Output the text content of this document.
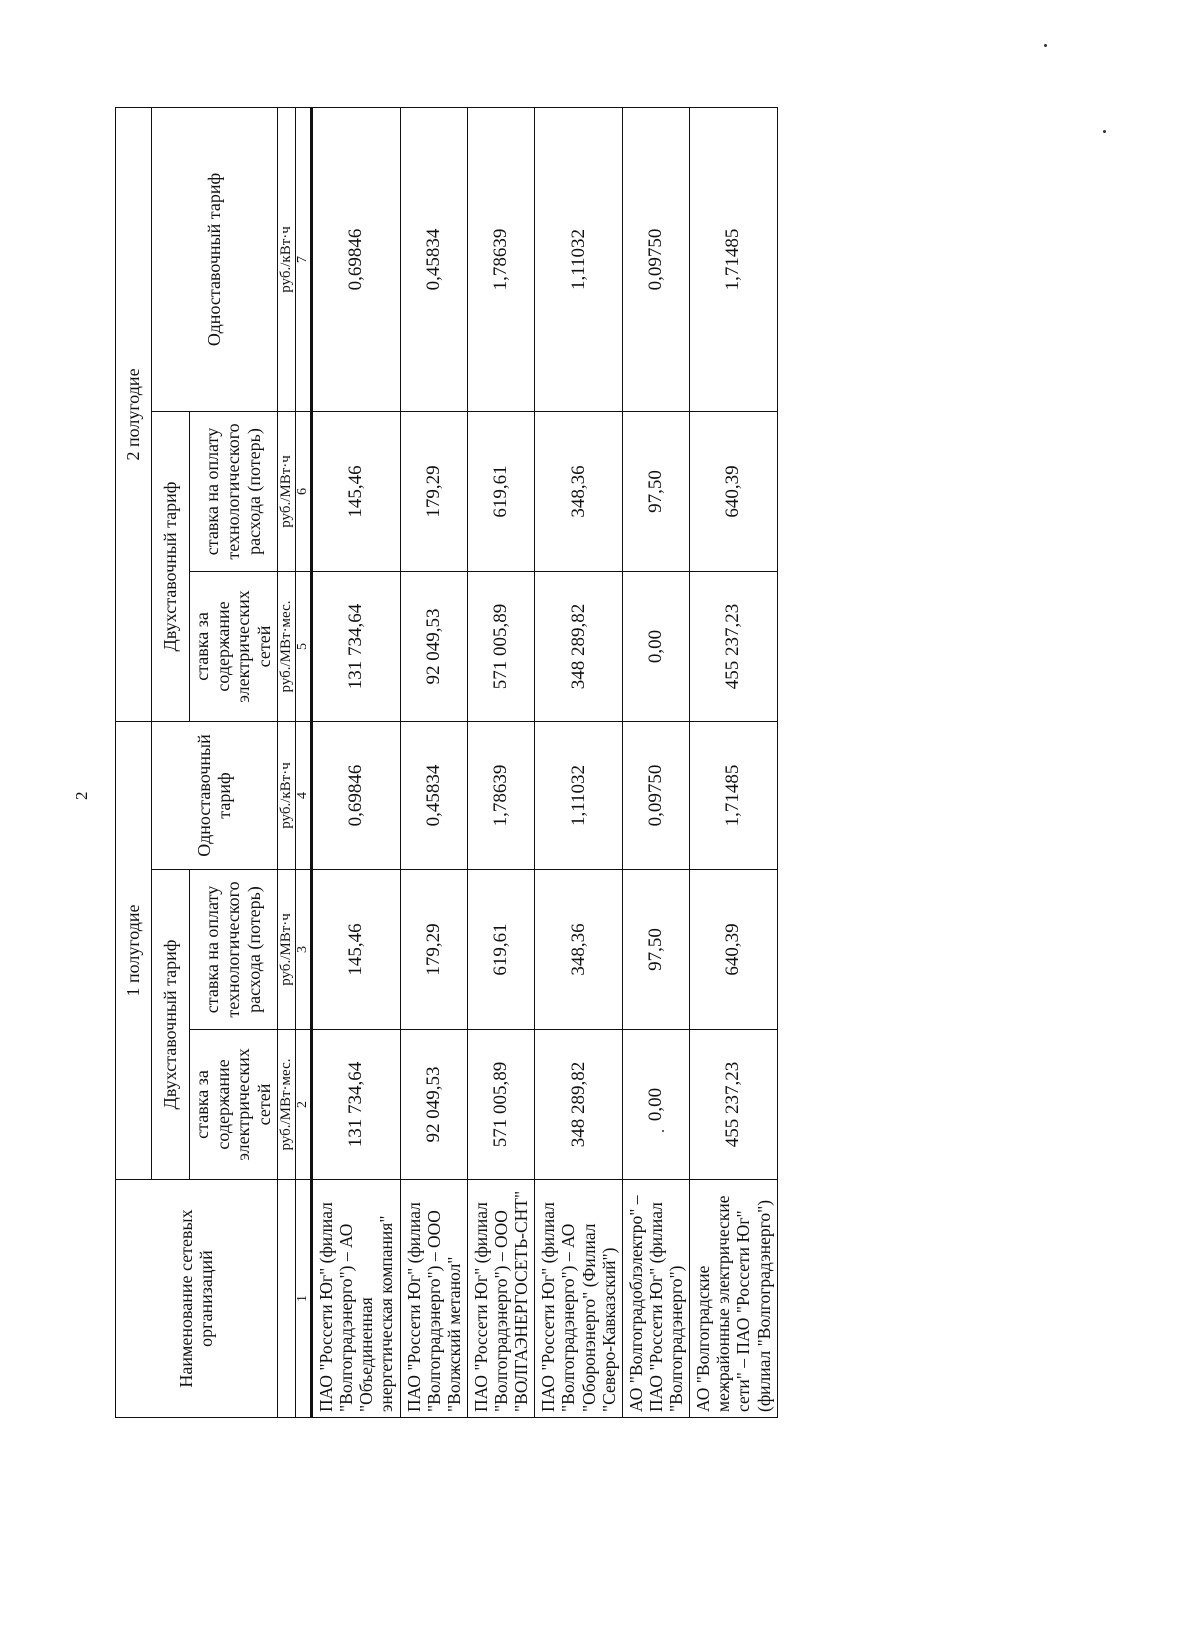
2
Наименование сетевых организаций	1 полугодие			2 полугодие		
	Двухставочный тариф		Одноставочный тариф	Двухставочный тариф		Одноставочный тариф
	ставка за содержание электрических сетей	ставка на оплату технологического расхода (потерь)		ставка за содержание электрических сетей	ставка на оплату технологического расхода (потерь)	
	руб./МВт·мес.	руб./МВт·ч	руб./кВт·ч	руб./МВт·мес.	руб./МВт·ч	руб./кВт·ч
1	2	3	4	5	6	7
ПАО "Россети Юг" (филиал "Волгоградэнерго") – АО "Объединенная энергетическая компания"	131 734,64	145,46	0,69846	131 734,64	145,46	0,69846
ПАО "Россети Юг" (филиал "Волгоградэнерго") – ООО "Волжский метанол"	92 049,53	179,29	0,45834	92 049,53	179,29	0,45834
ПАО "Россети Юг" (филиал "Волгоградэнерго") – ООО "ВОЛГАЭНЕРГОСЕТЬ-СНТ"	571 005,89	619,61	1,78639	571 005,89	619,61	1,78639
ПАО "Россети Юг" (филиал "Волгоградэнерго") – АО "Оборонэнерго" (Филиал "Северо-Кавказский")	348 289,82	348,36	1,11032	348 289,82	348,36	1,11032
АО "Волгоградоблэлектро" – ПАО "Россети Юг" (филиал "Волгоградэнерго")	0,00	97,50	0,09750	0,00	97,50	0,09750
АО "Волгоградские межрайонные электрические сети" – ПАО "Россети Юг" (филиал "Волгоградэнерго")	455 237,23	640,39	1,71485	455 237,23	640,39	1,71485
